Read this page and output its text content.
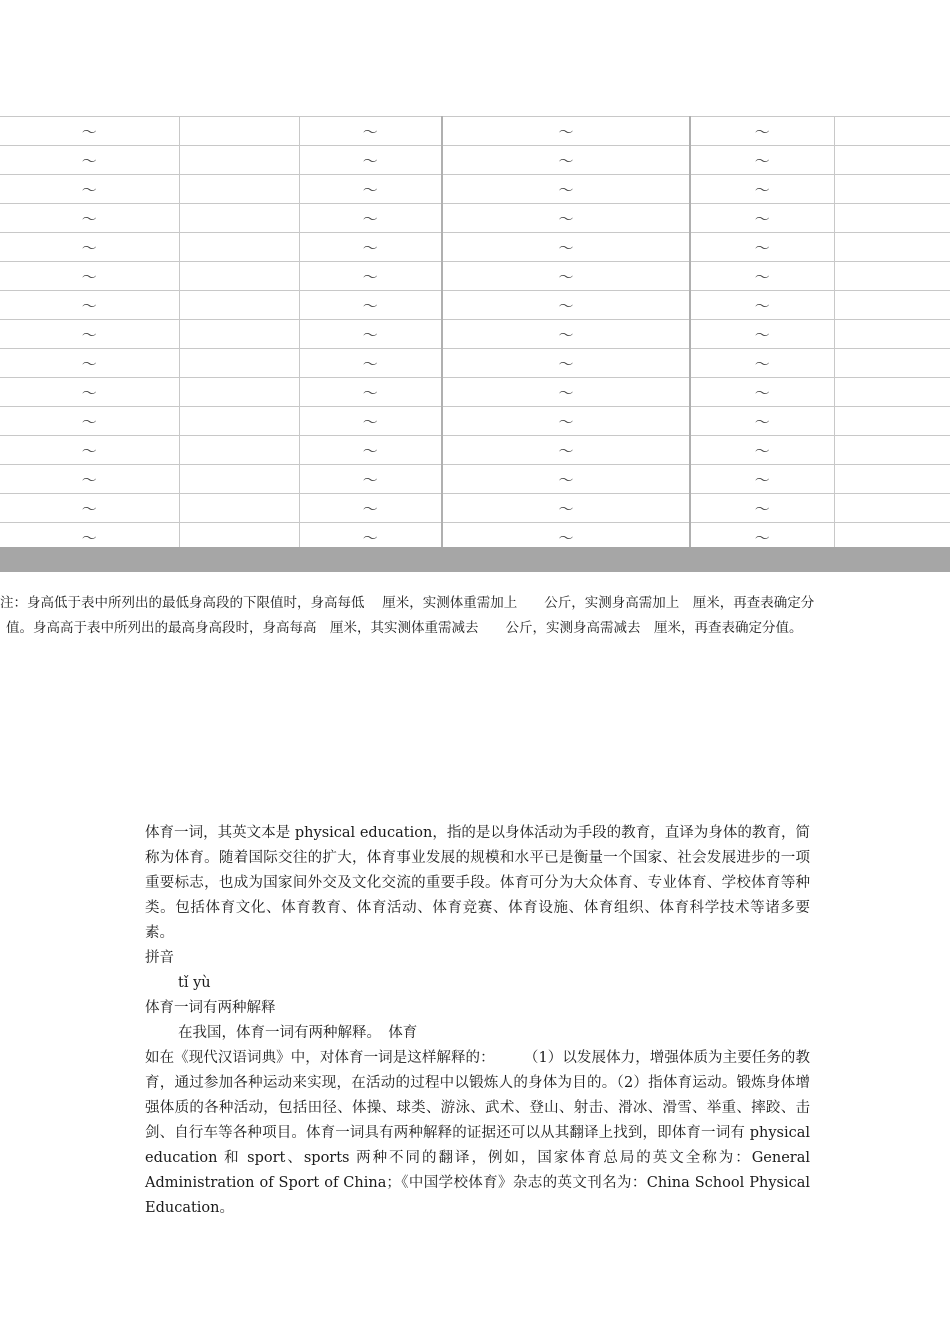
～		～	～	～	
～		～	～	～	
～		～	～	～	
～		～	～	～	
～		～	～	～	
～		～	～	～	
～		～	～	～	
～		～	～	～	
～		～	～	～	
～		～	～	～	
～		～	～	～	
～		～	～	～	
～		～	～	～	
～		～	～	～	
～		～	～	～	
注：身高低于表中所列出的最低身高段的下限值时，身高每低　 厘米，实测体重需加上　　公斤，实测身高需加上　厘米，再查表确定分
值。身高高于表中所列出的最高身高段时，身高每高　厘米，其实测体重需减去　　公斤，实测身高需减去　厘米，再查表确定分值。

体育一词，其英文本是 physical education，指的是以身体活动为手段的教育，直译为身体的教育，简称为体育。随着国际交往的扩大，体育事业发展的规模和水平已是衡量一个国家、社会发展进步的一项重要标志，也成为国家间外交及文化交流的重要手段。体育可分为大众体育、专业体育、学校体育等种类。包括体育文化、体育教育、体育活动、体育竞赛、体育设施、体育组织、体育科学技术等诸多要素。

拼音

tǐ yù

体育一词有两种解释

在我国，体育一词有两种解释。　体育

如在《现代汉语词典》中，对体育一词是这样解释的：　　　（1）以发展体力，增强体质为主要任务的教育，通过参加各种运动来实现，在活动的过程中以锻炼人的身体为目的。（2）指体育运动。锻炼身体增强体质的各种活动，包括田径、体操、球类、游泳、武术、登山、射击、滑冰、滑雪、举重、摔跤、击剑、自行车等各种项目。体育一词具有两种解释的证据还可以从其翻译上找到，即体育一词有 physical education 和 sport、sports 两种不同的翻译，例如，国家体育总局的英文全称为：General Administration of Sport of China；《中国学校体育》杂志的英文刊名为：China School Physical Education。
